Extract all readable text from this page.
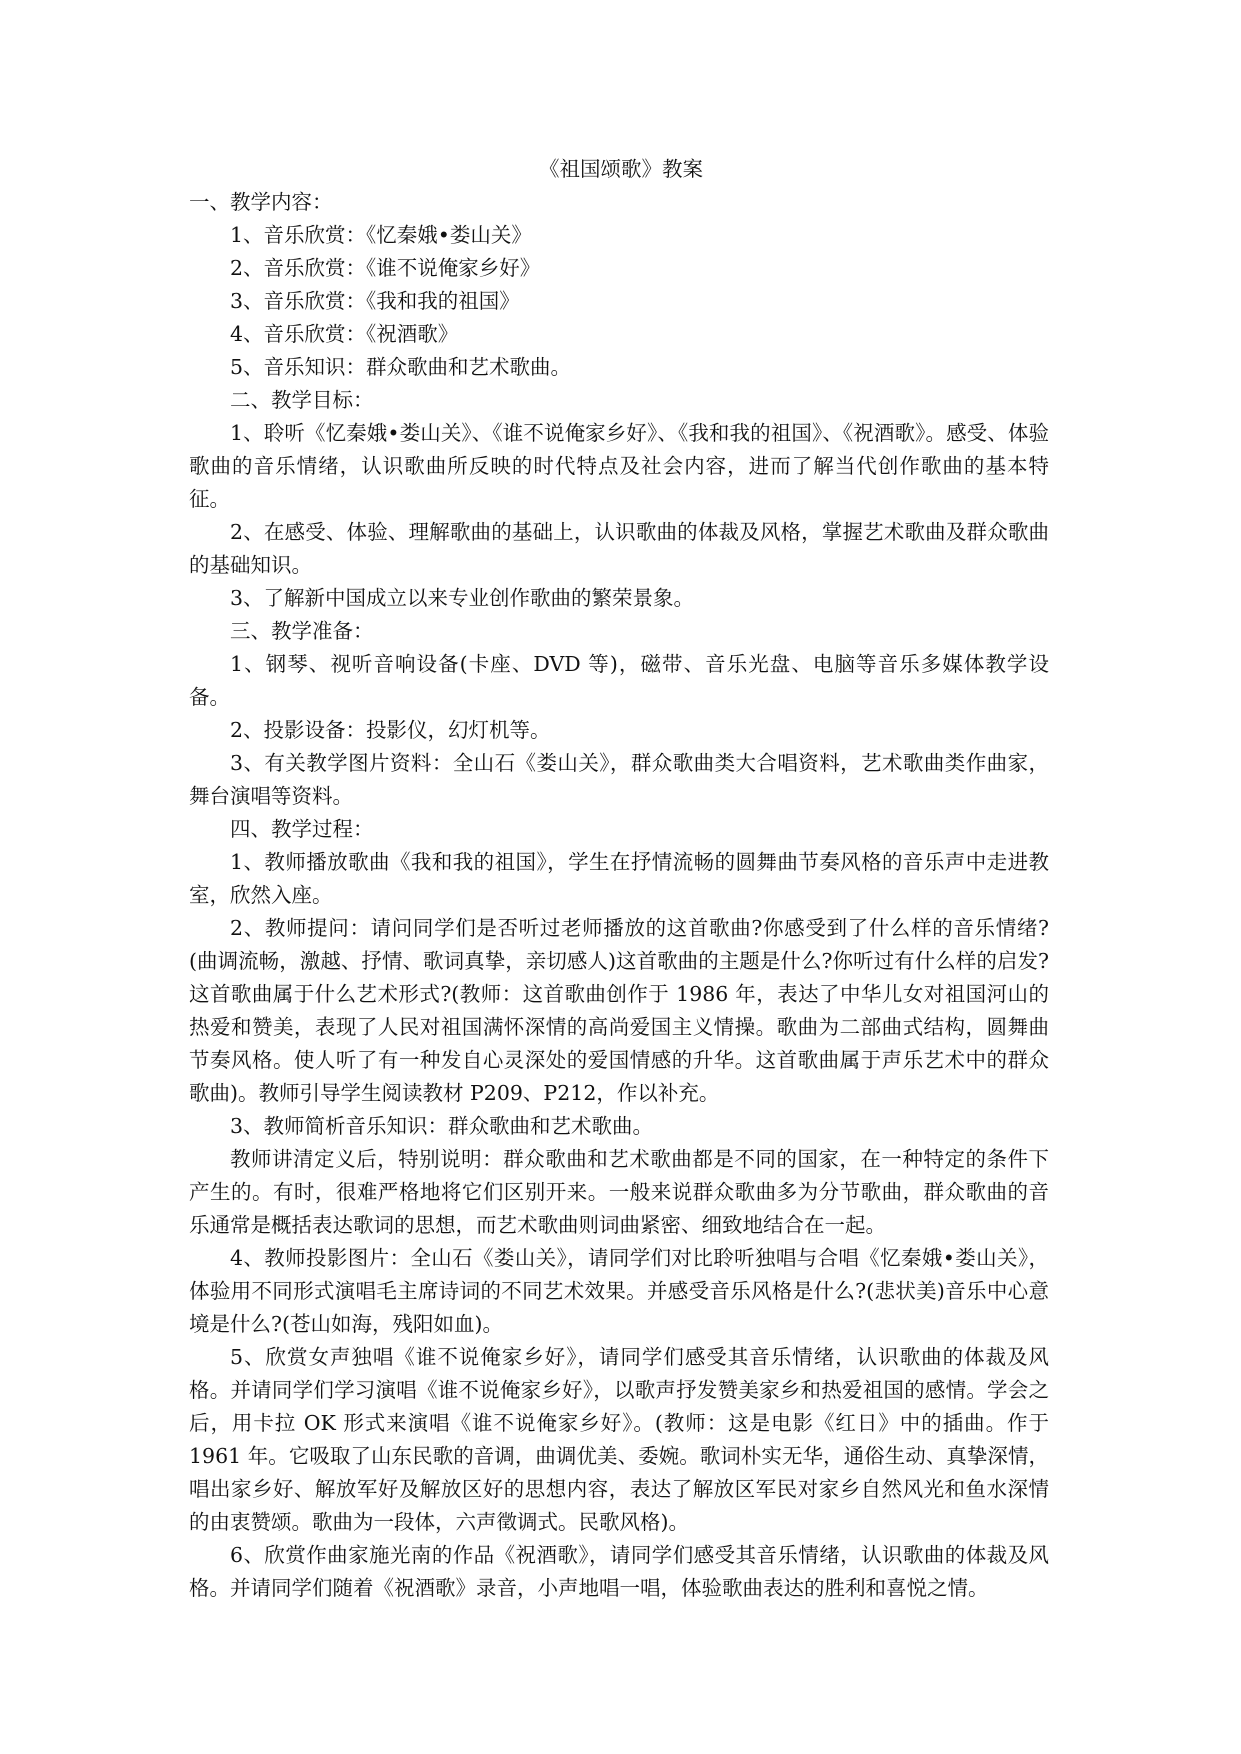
《祖国颂歌》教案

一、教学内容：

1、音乐欣赏：《忆秦娥•娄山关》

2、音乐欣赏：《谁不说俺家乡好》

3、音乐欣赏：《我和我的祖国》

4、音乐欣赏：《祝酒歌》

5、音乐知识：群众歌曲和艺术歌曲。

二、教学目标：

1、聆听《忆秦娥•娄山关》、《谁不说俺家乡好》、《我和我的祖国》、《祝酒歌》。感受、体验歌曲的音乐情绪，认识歌曲所反映的时代特点及社会内容，进而了解当代创作歌曲的基本特征。

2、在感受、体验、理解歌曲的基础上，认识歌曲的体裁及风格，掌握艺术歌曲及群众歌曲的基础知识。

3、了解新中国成立以来专业创作歌曲的繁荣景象。

三、教学准备：

1、钢琴、视听音响设备(卡座、DVD 等)，磁带、音乐光盘、电脑等音乐多媒体教学设备。

2、投影设备：投影仪，幻灯机等。

3、有关教学图片资料：全山石《娄山关》，群众歌曲类大合唱资料，艺术歌曲类作曲家，舞台演唱等资料。

四、教学过程：

1、教师播放歌曲《我和我的祖国》，学生在抒情流畅的圆舞曲节奏风格的音乐声中走进教室，欣然入座。

2、教师提问：请问同学们是否听过老师播放的这首歌曲?你感受到了什么样的音乐情绪?(曲调流畅，激越、抒情、歌词真挚，亲切感人)这首歌曲的主题是什么?你听过有什么样的启发?这首歌曲属于什么艺术形式?(教师：这首歌曲创作于 1986 年，表达了中华儿女对祖国河山的热爱和赞美，表现了人民对祖国满怀深情的高尚爱国主义情操。歌曲为二部曲式结构，圆舞曲节奏风格。使人听了有一种发自心灵深处的爱国情感的升华。这首歌曲属于声乐艺术中的群众歌曲)。教师引导学生阅读教材 P209、P212，作以补充。

3、教师简析音乐知识：群众歌曲和艺术歌曲。

教师讲清定义后，特别说明：群众歌曲和艺术歌曲都是不同的国家，在一种特定的条件下产生的。有时，很难严格地将它们区别开来。一般来说群众歌曲多为分节歌曲，群众歌曲的音乐通常是概括表达歌词的思想，而艺术歌曲则词曲紧密、细致地结合在一起。

4、教师投影图片：全山石《娄山关》，请同学们对比聆听独唱与合唱《忆秦娥•娄山关》，体验用不同形式演唱毛主席诗词的不同艺术效果。并感受音乐风格是什么?(悲状美)音乐中心意境是什么?(苍山如海，残阳如血)。

5、欣赏女声独唱《谁不说俺家乡好》，请同学们感受其音乐情绪，认识歌曲的体裁及风格。并请同学们学习演唱《谁不说俺家乡好》，以歌声抒发赞美家乡和热爱祖国的感情。学会之后，用卡拉 OK 形式来演唱《谁不说俺家乡好》。(教师：这是电影《红日》中的插曲。作于 1961 年。它吸取了山东民歌的音调，曲调优美、委婉。歌词朴实无华，通俗生动、真挚深情，唱出家乡好、解放军好及解放区好的思想内容，表达了解放区军民对家乡自然风光和鱼水深情的由衷赞颂。歌曲为一段体，六声徵调式。民歌风格)。

6、欣赏作曲家施光南的作品《祝酒歌》，请同学们感受其音乐情绪，认识歌曲的体裁及风格。并请同学们随着《祝酒歌》录音，小声地唱一唱，体验歌曲表达的胜利和喜悦之情。
